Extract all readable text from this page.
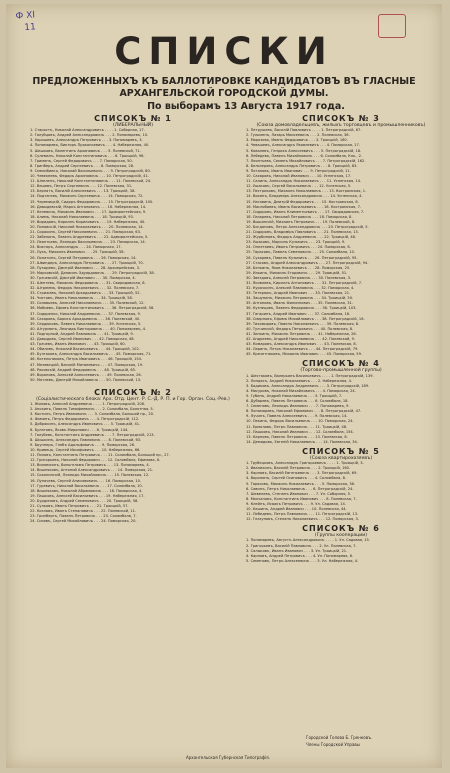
Ф XI
11
СПИСКИ
ПРЕДЛОЖЕННЫХЪ КЪ БАЛЛОТИРОВКЕ КАНДИДАТОВЪ ВЪ ГЛАСНЫЕ
АРХАНГЕЛЬСКОЙ ГОРОДСКОЙ ДУМЫ.
По выборамъ 13 Августа 1917 года.
СПИСОКЪ № 1
(ЛИБЕРАЛЬНЫЙ)
1. Старостъ, Николай Александровичъ . . . . 1. Соборная, 17.
2. Голубцовъ, Андрей Александровичъ . . . 2. Пономаревъ, 10.
3. Хорошевъ, Александръ Петровичъ . . . 3. Пономаревъ, 3.
4. Пономаревъ, Викторъ Прокопьевичъ . . . 4. Набережная, 40.
5. Шашковъ, Валентинъ Архиповичъ . . . 5. Полевской, 71.
6. Сулеманъ, Николай Константиновичъ . . . 6. Троицкій, 96.
7. Грименъ, Сергей Федоровичъ . . . 7. Поморская, 50.
8. Гринберъ, Андрей Сергеевичъ . . . 8. Поморская, 28.
9. Смелибиекъ, Николай Васильевичъ . . . 9. Петроградскій, 80.
10. Чевекеевъ, Федоръ Архиповичъ . . . 10. Петроградскій, 41.
11. Шнеленъ, Николай Константиновичъ . . . 11. Полевской, 24.
12. Вешевъ, Петръ Сергеевичъ . . . 12. Полевская, 31.
13. Бернатъ, Василій Алексеевичъ . . . 13. Троицкій, 38.
14. Подтагевъ, Михаилъ Сергеевичъ . . . 14. Поморская, 72.
15. Черемицкій, Сидоръ Федоровичъ . . . 15. Петроградскій, 100.
16. Давыдевскій, Маркъ Антоновичъ . . . 16. Набережная, 14.
17. Келевичъ, Михаилъ Иванович . . . 17. Адмиралтейская, 9.
18. Алимъ, Николай Николаевичъ . . . 18. Троицкій, 93.
19. Виридовъ, Кириллъ Кириловичъ . . . 19. Набережная, 40.
20. Поповскій, Николай Николаевичъ . . . 20. Полевская, 14.
21. Сорокинъ, Сергей Николаевичъ . . . 21. Поморская, 63.
22. Забелинъ, Павелъ Андреевичъ . . . 22. Адмиралтейская, 5.
23. Леонтьевъ, Леонидъ Васильевичъ . . . 23. Поморская, 14.
24. Викторъ, Александръ . . . 24. Поморская, 17.
25. Лукъ, Михаилъ Иванович . . . 25. Троицкій, 58.
26. Лопатинъ, Сергей Петровичъ . . . 26. Поморская, 14.
27. Швиндеръ, Александръ Петровичъ . . . 27. Троицкій, 70.
28. Пузыревъ, Дмитрій Иванович . . . 28. Архиерейская, 3.
29. Марковскій, Даниилъ Эдуардовичъ . . . 29. Петроградскій, 38.
30. Грачевскій, Дмитрій Иванович . . . 30. Поморская, 4.
31. Шентевъ, Михаилъ Федоровичъ . . . 31. Свиридовская, 8.
32. Штреммъ, Федоръ Николаевичъ . . . 32. Полевская, 7.
33. Стрижевъ, Николай Аркадьевичъ . . . 33. Троицкій, 52.
34. Чистовъ, Иванъ Николаевичъ . . . 34. Троицкій, 58.
35. Соловьевъ, Алексей Николаевичъ . . . 35. Полевской, 12.
36. Мобиевъ, Ефимъ Константиновичъ . . . 36. Петроградскій, 58.
37. Сидоренко, Николай Андреевичъ . . . 37. Полевская, 9.
38. Сахаровъ, Борисъ Аркадьевичъ . . . 38. Полевской, 40.
39. Сердюковъ, Павелъ Николаевичъ . . . 39. Успенская, 5.
40. Штурманъ, Леонидъ Викторовичъ . . . 40. Пономаревъ, 4.
41. Подгорный, Андрей Павловичъ . . . 41. Троицкій, 9.
42. Давыдовъ, Сергей Иванович . . . 42. Поморская, 48.
43. Грачевъ, Иванъ Иванович . . . 43. Троицкій, 60.
44. Обиловъ, Николай Васильевичъ . . . 44. Троицкій, 102.
45. Булгаковъ, Александръ Васильевичъ . . . 45. Поморская, 71.
46. Котельниковъ, Петръ Ивановичъ . . . 46. Троицкій, 154.
47. Мезевецкій, Василій Матвеевичъ . . . 47. Поморская, 19.
48. Ряховскій, Андрей Федоровичъ . . . 48. Троицкій, 65.
49. Вороновъ, Алексей Алексеевичъ . . . 49. Полевская, 26.
50. Мотлевъ, Дмитрій Михайловичъ . . . 50. Полевской, 13.
СПИСОКЪ № 2
(Соціалистическаго блока: Арх. Отд. Цент. Р. С.-Д. Р. П. и Гор. Орган. Соц.-Рев.)
1. Жиловъ, Алексей Андреевичъ . . . . 1. Петроградскій, 208.
2. Анохинъ, Павелъ Тимофеевичъ . . . 2. Соломбала, Болотная, 5.
3. Костинъ, Петръ Ивановичъ . . . 3. Соломбала, Большой пр., 20.
4. Фоминъ, Петръ Федоровичъ . . . 4. Петроградскій, 112.
5. Добрякинъ, Александръ Ивановичъ . . . 5. Троицкій, 41.
6. Булатовъ, Яковъ Миронович . . . 6. Троицкій, 144.
7. Голубевъ, Константинъ Андреевичъ . . . 7. Петроградскій, 213.
8. Шишкинъ, Александръ Павловичъ . . . 8. Полевской, 63.
9. Бруннеръ, Глебъ Адольфовичъ . . . 9. Поморская, 26.
10. Кривецъ, Сергей Иосифовичъ . . . 10. Набережная, 66.
11. Поповъ, Константинъ Петровичъ . . . 11. Соломбала, Большой пр., 27.
12. Григорьевъ, Николай Федорович . . . 12. Соломбала, Ефимова, 6.
13. Вилюмсонъ, Вильгельмъ Петровичъ . . . 13. Пономаревъ, 4.
14. Вишняковъ, Антоний Александровичъ . . . 14. Поморская, 21.
15. Соколинскій, Леонидъ Михайловичъ . . . 15. Полевская, 12.
16. Лупачевъ, Сергей Анисимовичъ . . . 16. Поморская, 10.
17. Гуревичъ, Николай Васильевичъ . . . 17. Соломбала, 10.
18. Вишняковъ, Николай Абрамовичъ . . . 18. Поморская, 4.
19. Пашковъ, Алексей Васильевичъ . . . 19. Набережная, 17.
20. Бурдиновъ, Андрей Семеновичъ . . . 20. Троицкій, 58.
21. Сулковъ, Иванъ Петровичъ . . . 21. Троицкій, 57.
22. Козловъ, Иванъ Степановичъ . . . 22. Полевской, 11.
23. Гринбергъ, Павелъ Петровичъ . . . 23. Соломбала, 7.
24. Сизовъ, Сергей Михайловичъ . . . 24. Поморская, 20.
СПИСОКЪ № 3
(Союза домовладельцевъ, жилыхъ торговцевъ и промышленниковъ)
1. Петрушевъ, Василій Павловичъ . . . . 1. Петроградскій, 67.
2. Гульменъ, Лазарь Моисеевичъ . . . 2. Полевская, 36.
3. Морозовъ, Иванъ Федоровичъ . . . 3. Троицкій, 160.
4. Чевашевъ, Александръ Яковлевичъ . . . 4. Поморская, 17.
5. Ковалевъ, Генрихъ Алексеевичъ . . . 5. Петроградскій, 18.
6. Лебедевъ, Павелъ Михайловичъ . . . 6. Соломбала, Клк., 2.
7. Леонтьевъ, Семенъ Михайловичъ . . . 7. Петроградскій, 162.
8. Белозеровъ, Александръ Петровичъ . . . 8. Троицкій, 83.
9. Потаповъ, Иванъ Иванович . . . 9. Петроградскій, 11.
10. Сахаровъ, Николай Иванович . . . 10. Успенская, 17.
11. Салинъ, Александръ Николаевичъ . . . 11. Успенская, 14.
12. Ушаковъ, Сергей Васильевичъ . . . 12. Успенская, 5.
13. Пестриковъ, Михаилъ Николаевичъ . . . 13. Костромская, 1.
14. Вохинъ, Владимiръ Александровичъ . . . 14. Успенская, 4.
15. Наговинъ, Дмитрій Федоровичъ . . . 15. Костромская, 8.
16. Маслобоевъ, Иванъ Васильевичъ . . . 16. Костромская, 7.
17. Сидоровъ, Иванъ Климентьевичъ . . . 17. Свиридовская, 7.
18. Лазаревъ, Николай Петровичъ . . . 18. Поморская, 8.
19. Вышинскій, Михаилъ Петровичъ . . . 19. Полевской, 8.
20. Богдановъ, Петръ Александровичъ . . . 20. Петроградскій, 5.
21. Сидоровъ, Владиміръ Павловичъ . . . 21. Полевская, 13.
22. Журбиновъ, Федоръ Андреевичъ . . . 22. Троицкій, 48.
23. Ушаковъ, Марсиль Кузьмичъ . . . 23. Троицкій, 9.
24. Оплетаевъ, Иванъ Петровичъ . . . 24. Поморская, 6.
25. Тарасовъ, Павелъ Семеновичъ . . . 25. Соломбала, 10.
26. Сухоревъ, Павелъ Кузьмичъ . . . 26. Петроградскій, 95.
27. Стасовъ, Андрей Александровичъ . . . 27. Петроградскій, 94.
28. Белкинъ, Яков Николаевичъ . . . 28. Поморская, 25.
29. Ильинъ, Михаилъ Егоровичъ . . . 29. Троицкій, 51.
30. Звездовъ, Алексей Петровичъ . . . 30. Полевская, 3.
31. Яковлевъ, Кириллъ Антоновичъ . . . 31. Петроградскій, 7.
32. Курочкинъ, Алексей Павловичъ . . . 32. Поморская, 4.
33. Тетерюкъ, Андрей Иванович . . . 33. Полевская, 21.
34. Зашунинъ, Михаилъ Петровичъ . . . 34. Троицкій, 50.
35. Антоновъ, Иванъ Филиппович . . . 35. Полевская, 31.
36. Кузнецовъ, Павелъ Федоровичъ . . . 36. Троицкій, 103.
37. Гагаринъ, Андрей Иванович . . . 37. Соломбала, 16.
38. Смирновъ, Ефимъ Михайловичъ . . . 38. Петроградскій, 16.
39. Тихомировъ, Павелъ Николаевичъ . . . 39. Полевская, 8.
40. Тулчинскій, Федоръ Петровичъ . . . 40. Полевская, 8.
41. Зинкинъ, Михаилъ Петровичъ . . . 41. Набережная, 26.
42. Андреевъ, Андрей Николаевичъ . . . 42. Полевской, 9.
43. Комаровъ, Александръ Иванович . . . 43. Полевская, 8.
44. Ларинъ, Петръ Николаевичъ . . . 44. Петроградскій, 79.
45. Кречетниковъ, Михаилъ Иванович . . . 45. Поморская, 59.
СПИСОКЪ № 4
(Торгово-промышленной группы)
1. Шестаковъ, Валерьянъ Васильевичъ . . . . 1. Петроградскій, 139.
2. Линдесъ, Андрей Николаевичъ . . . 2. Набережная, 4.
3. Бадиковъ, Александръ Андреевичъ . . . 3. Петроградскій, 189.
4. Мисуровъ, Николай Михайловичъ . . . 4. Поморская, 24.
5. Губинъ, Андрей Николаевичъ . . . 5. Троицкій, 7.
6. Дубаревъ, Павелъ Петровичъ . . . 6. Соломбала, 18.
7. Семеновъ, Леонидъ Иванович . . . 7. Пономаревъ, 9.
8. Пономаревъ, Николай Ефимович . . . 8. Петроградскій, 47.
9. Лучинъ, Павелъ Алексеевичъ . . . 9. Полевская, 14.
10. Лекинъ, Федоръ Васильевичъ . . . 10. Поморская, 24.
11. Ермоловъ, Петръ Павловичъ . . . 11. Троицкій, 48.
12. Пашковъ, Николай Иванович . . . 12. Соломбала, 154.
13. Карповъ, Павелъ Петровичъ . . . 13. Полевская, 8.
14. Демидовъ, Евгеній Николаевичъ . . . 14. Полевская, 34.
СПИСОКЪ № 5
(Союза квартирохозяевъ)
1. Трубецковъ, Александръ Григорьевичъ . . . . 1. Троицкій, 3.
2. Иванихинъ, Василій Петровичъ . . . 2. Троицкій, 160.
3. Карповъ, Василій Евгеньевичъ . . . 3. Петроградскій, 69.
4. Воронинъ, Сергей Осиповичъ . . . 4. Соломбала, 8.
5. Тарасовъ, Михаилъ Николаевичъ . . . 5. Поморская, 36.
6. Савинъ, Петръ Николаевичъ . . . 6. Петроградскій, 24.
7. Шевелевъ, Степанъ Иванович . . . 7. Ул. Соборная, 5.
8. Молчановъ, Константинъ Иванович . . . 8. Полевская, 7.
9. Клейнъ, Исаакъ Петровичъ . . . 9. Ул. Садовая, 14.
10. Кашинъ, Андрей Иванович . . . 10. Полевская, 44.
11. Лебедевъ, Петръ Павловичъ . . . 11. Петроградскій, 13.
12. Глазуновъ, Степанъ Николаевичъ . . . 12. Поморская, 3.
СПИСОКЪ № 6
(Группы кооперации)
1. Пономаревъ, Августъ Александровичъ . . . . 1. Ул. Садовая, 15.
2. Григорьевъ, Василій Павловичъ . . . 2. Ул. Полевская, 7.
3. Салыковъ, Иванъ Иванович . . . 3. Ул. Троицкій, 21.
4. Карповъ, Андрей Петровичъ . . . 4. Ул. Пономарева, 6.
5. Семеновъ, Петръ Алексеевичъ . . . 5. Ул. Набережная, 4.
Городской Голова Б. Гренковъ.
Члены Городской Управы
Архангельская Губернская Типографія.
